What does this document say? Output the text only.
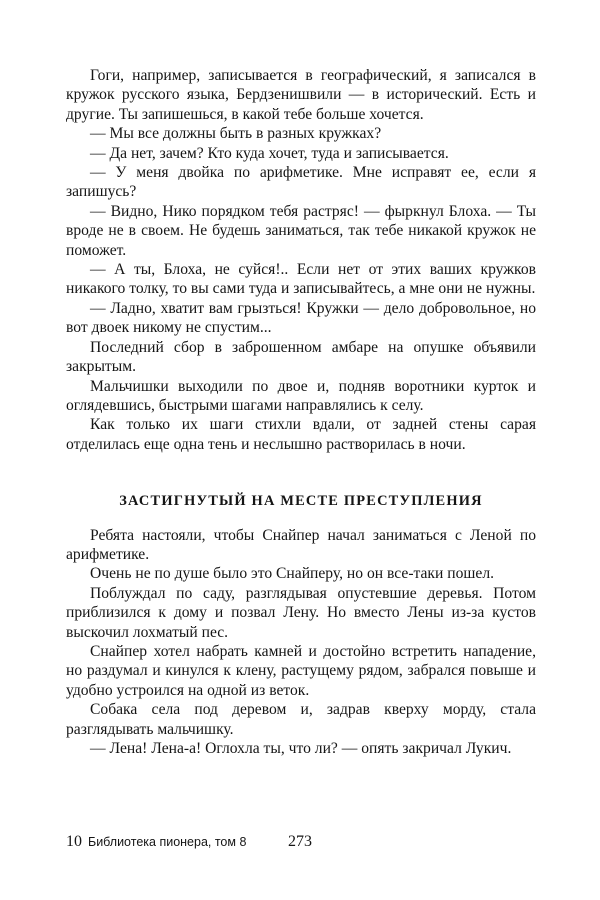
Гоги, например, записывается в географический, я записался в кружок русского языка, Бердзенишвили — в исторический. Есть и другие. Ты запишешься, в какой тебе больше хочется.

— Мы все должны быть в разных кружках?

— Да нет, зачем? Кто куда хочет, туда и записывается.

— У меня двойка по арифметике. Мне исправят ее, если я запишусь?

— Видно, Нико порядком тебя растряс! — фыркнул Блоха. — Ты вроде не в своем. Не будешь заниматься, так тебе никакой кружок не поможет.

— А ты, Блоха, не суйся!.. Если нет от этих ваших кружков никакого толку, то вы сами туда и записывайтесь, а мне они не нужны.

— Ладно, хватит вам грызться! Кружки — дело добровольное, но вот двоек никому не спустим...

Последний сбор в заброшенном амбаре на опушке объявили закрытым.

Мальчишки выходили по двое и, подняв воротники курток и оглядевшись, быстрыми шагами направлялись к селу.

Как только их шаги стихли вдали, от задней стены сарая отделилась еще одна тень и неслышно растворилась в ночи.

ЗАСТИГНУТЫЙ НА МЕСТЕ ПРЕСТУПЛЕНИЯ

Ребята настояли, чтобы Снайпер начал заниматься с Леной по арифметике.

Очень не по душе было это Снайперу, но он все-таки пошел.

Поблуждал по саду, разглядывая опустевшие деревья. Потом приблизился к дому и позвал Лену. Но вместо Лены из-за кустов выскочил лохматый пес.

Снайпер хотел набрать камней и достойно встретить нападение, но раздумал и кинулся к клену, растущему рядом, забрался повыше и удобно устроился на одной из веток.

Собака села под деревом и, задрав кверху морду, стала разглядывать мальчишку.

— Лена! Лена-а! Оглохла ты, что ли? — опять закричал Лукич.

10 Библиотека пионера, том 8	273
